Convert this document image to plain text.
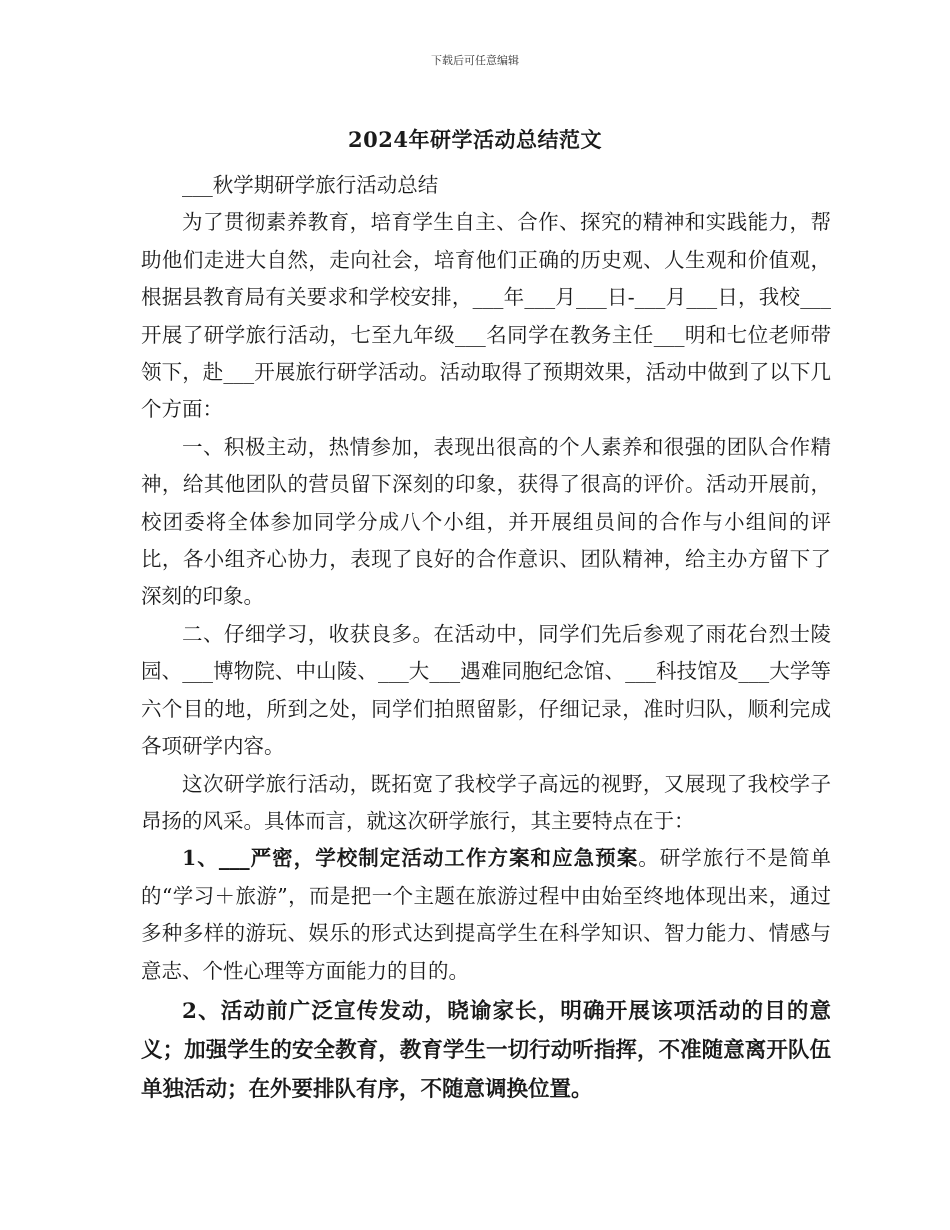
下载后可任意编辑
2024年研学活动总结范文

___秋学期研学旅行活动总结

为了贯彻素养教育，培育学生自主、合作、探究的精神和实践能力，帮助他们走进大自然，走向社会，培育他们正确的历史观、人生观和价值观，根据县教育局有关要求和学校安排，___年___月___日-___月___日，我校___开展了研学旅行活动，七至九年级___名同学在教务主任___明和七位老师带领下，赴___开展旅行研学活动。活动取得了预期效果，活动中做到了以下几个方面：

一、积极主动，热情参加，表现出很高的个人素养和很强的团队合作精神，给其他团队的营员留下深刻的印象，获得了很高的评价。活动开展前，校团委将全体参加同学分成八个小组，并开展组员间的合作与小组间的评比，各小组齐心协力，表现了良好的合作意识、团队精神，给主办方留下了深刻的印象。

二、仔细学习，收获良多。在活动中，同学们先后参观了雨花台烈士陵园、___博物院、中山陵、___大___遇难同胞纪念馆、___科技馆及___大学等六个目的地，所到之处，同学们拍照留影，仔细记录，准时归队，顺利完成各项研学内容。

这次研学旅行活动，既拓宽了我校学子高远的视野，又展现了我校学子昂扬的风采。具体而言，就这次研学旅行，其主要特点在于：

1、___严密，学校制定活动工作方案和应急预案。研学旅行不是简单的“学习＋旅游”，而是把一个主题在旅游过程中由始至终地体现出来，通过多种多样的游玩、娱乐的形式达到提高学生在科学知识、智力能力、情感与意志、个性心理等方面能力的目的。

2、活动前广泛宣传发动，晓谕家长，明确开展该项活动的目的意义；加强学生的安全教育，教育学生一切行动听指挥，不准随意离开队伍单独活动；在外要排队有序，不随意调换位置。
